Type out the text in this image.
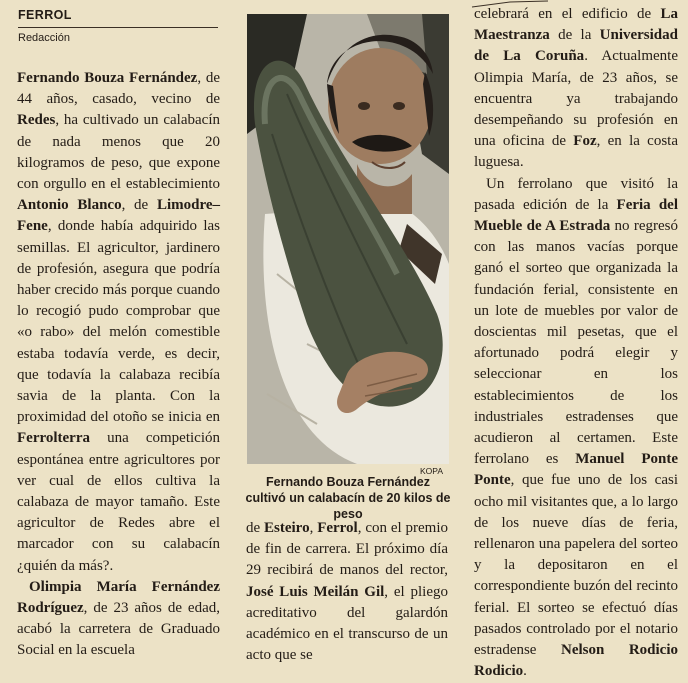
FERROL
Redacción

Fernando Bouza Fernández, de 44 años, casado, vecino de Redes, ha cultivado un calabacín de nada menos que 20 kilogramos de peso, que expone con orgullo en el establecimiento Antonio Blanco, de Limodre–Fene, donde había adquirido las semillas. El agricultor, jardinero de profesión, asegura que podría haber crecido más porque cuando lo recogió pudo comprobar que «o rabo» del melón comestible estaba todavía verde, es decir, que todavía la calabaza recibía savia de la planta. Con la proximidad del otoño se inicia en Ferrolterra una competición espontánea entre agricultores por ver cual de ellos cultiva la calabaza de mayor tamaño. Este agricultor de Redes abre el marcador con su calabacín ¿quién da más?.

Olimpia María Fernández Rodríguez, de 23 años de edad, acabó la carretera de Graduado Social en la escuela

KOPA
Fernando Bouza Fernández cultivó un calabacín de 20 kilos de peso

de Esteiro, Ferrol, con el premio de fin de carrera. El próximo día 29 recibirá de manos del rector, José Luis Meilán Gil, el pliego acreditativo del galardón académico en el transcurso de un acto que se

celebrará en el edificio de La Maestranza de la Universidad de La Coruña. Actualmente Olimpia María, de 23 años, se encuentra ya trabajando desempeñando su profesión en una oficina de Foz, en la costa luguesa.

Un ferrolano que visitó la pasada edición de la Feria del Mueble de A Estrada no regresó con las manos vacías porque ganó el sorteo que organizada la fundación ferial, consistente en un lote de muebles por valor de doscientas mil pesetas, que el afortunado podrá elegir y seleccionar en los establecimientos de los industriales estradenses que acudieron al certamen. Este ferrolano es Manuel Ponte Ponte, que fue uno de los casi ocho mil visitantes que, a lo largo de los nueve días de feria, rellenaron una papelera del sorteo y la depositaron en el correspondiente buzón del recinto ferial. El sorteo se efectuó días pasados controlado por el notario estradense Nelson Rodicio Rodicio.
